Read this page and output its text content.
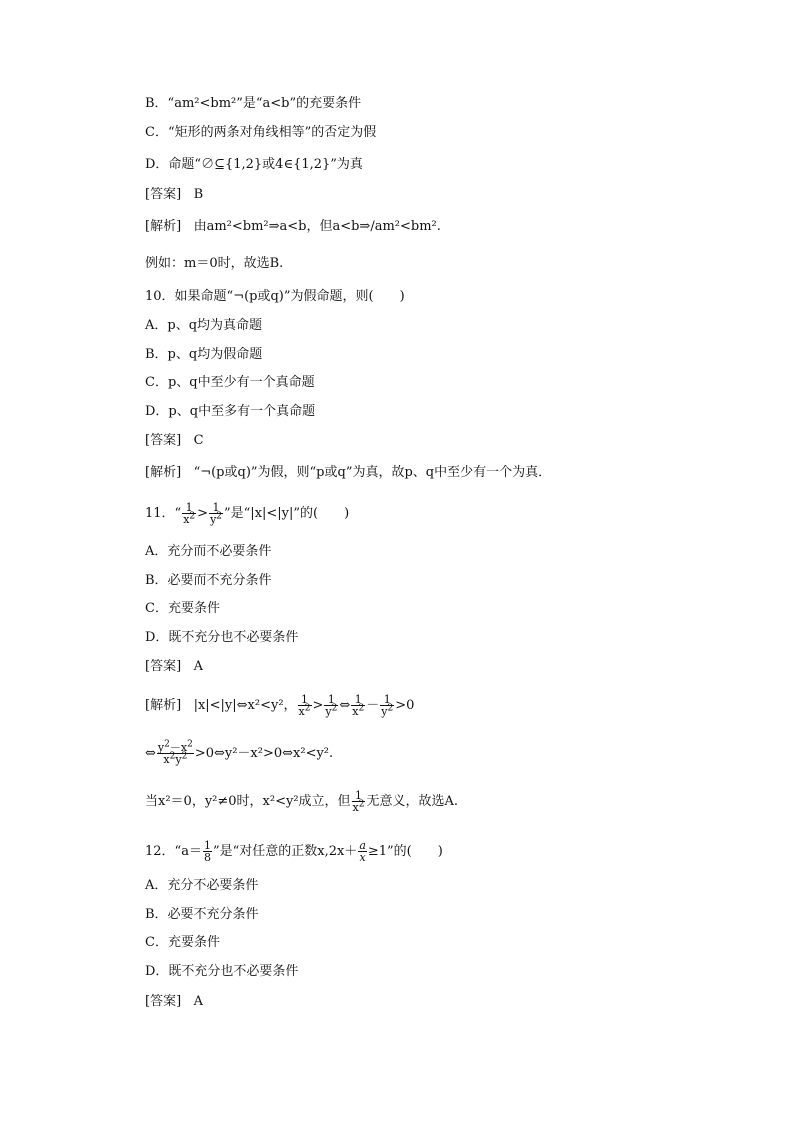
B．“am²<bm²”是“a<b”的充要条件
C．“矩形的两条对角线相等”的否定为假
D．命题“∅⊆{1,2}或4∈{1,2}”为真
[答案] B
[解析] 由am²<bm²⇒a<b，但a<b⇒/am²<bm².
例如：m＝0时，故选B.
10．如果命题“¬(p或q)”为假命题，则(　　)
A．p、q均为真命题
B．p、q均为假命题
C．p、q中至少有一个真命题
D．p、q中至多有一个真命题
[答案] C
[解析] “¬(p或q)”为假，则“p或q”为真，故p、q中至少有一个为真．
11．“ $\frac{1}{x^2} > \frac{1}{y^2}$ ”是“|x|<|y|”的(　　)
A．充分而不必要条件
B．必要而不充分条件
C．充要条件
D．既不充分也不必要条件
[答案] A
[解析] |x|<|y|⇔x²<y²， $\frac{1}{x^2} > \frac{1}{y^2}$ ⇔ $\frac{1}{x^2} - \frac{1}{y^2} >0$
⇔ $\frac{y^2-x^2}{x^2y^2}$ >0⇔y²－x²>0⇔x²<y².
当x²＝0，y²≠0时，x²<y²成立，但 $\frac{1}{x^2}$ 无意义，故选A.
12．“$a= \frac{1}{8}$ ”是“对任意的正数$x,2x+ \frac{a}{x} \ge 1$”的(　　)
A．充分不必要条件
B．必要不充分条件
C．充要条件
D．既不充分也不必要条件
[答案] A
